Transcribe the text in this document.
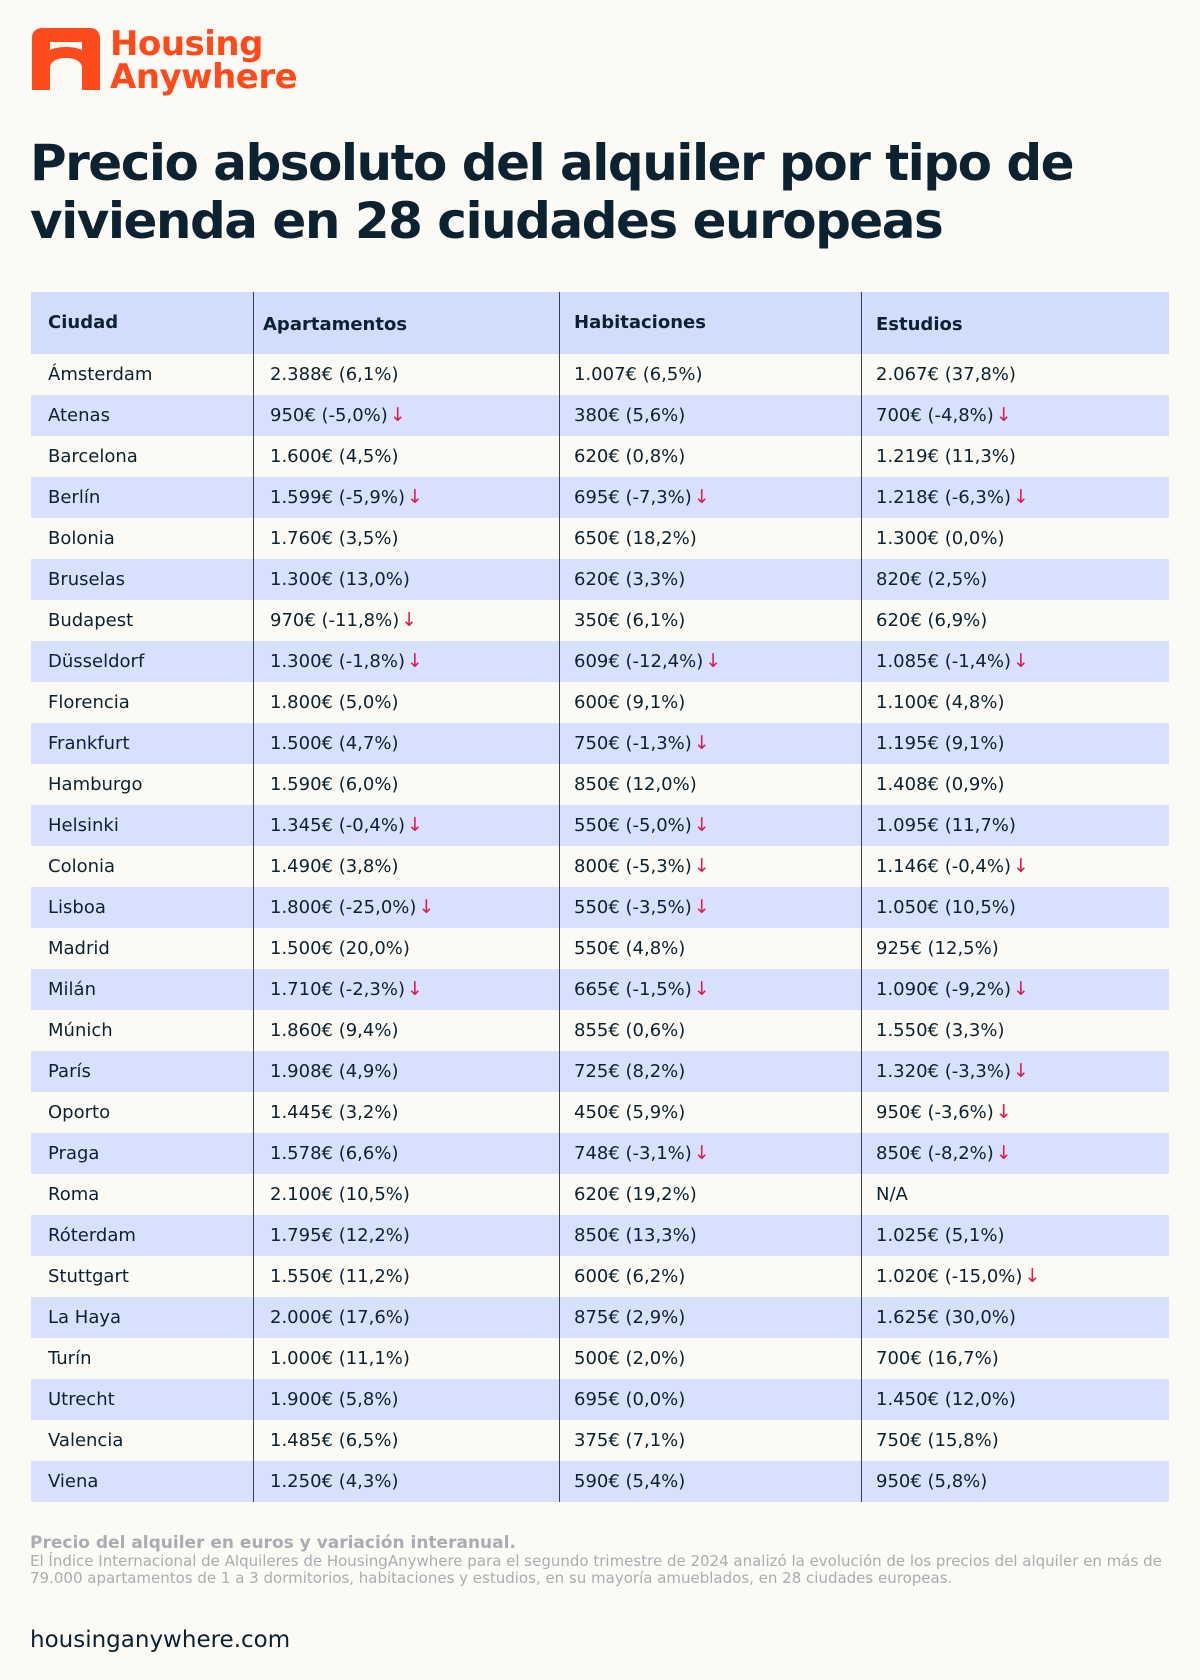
Housing
Anywhere
Precio absoluto del alquiler por tipo de
vivienda en 28 ciudades europeas
Ciudad	Apartamentos	Habitaciones	Estudios
Ámsterdam	2.388€ (6,1%)	1.007€ (6,5%)	2.067€ (37,8%)
Atenas	950€ (-5,0%) ↓	380€ (5,6%)	700€ (-4,8%) ↓
Barcelona	1.600€ (4,5%)	620€ (0,8%)	1.219€ (11,3%)
Berlín	1.599€ (-5,9%) ↓	695€ (-7,3%) ↓	1.218€ (-6,3%) ↓
Bolonia	1.760€ (3,5%)	650€ (18,2%)	1.300€ (0,0%)
Bruselas	1.300€ (13,0%)	620€ (3,3%)	820€ (2,5%)
Budapest	970€ (-11,8%) ↓	350€ (6,1%)	620€ (6,9%)
Düsseldorf	1.300€ (-1,8%) ↓	609€ (-12,4%) ↓	1.085€ (-1,4%) ↓
Florencia	1.800€ (5,0%)	600€ (9,1%)	1.100€ (4,8%)
Frankfurt	1.500€ (4,7%)	750€ (-1,3%) ↓	1.195€ (9,1%)
Hamburgo	1.590€ (6,0%)	850€ (12,0%)	1.408€ (0,9%)
Helsinki	1.345€ (-0,4%) ↓	550€ (-5,0%) ↓	1.095€ (11,7%)
Colonia	1.490€ (3,8%)	800€ (-5,3%) ↓	1.146€ (-0,4%) ↓
Lisboa	1.800€ (-25,0%) ↓	550€ (-3,5%) ↓	1.050€ (10,5%)
Madrid	1.500€ (20,0%)	550€ (4,8%)	925€ (12,5%)
Milán	1.710€ (-2,3%) ↓	665€ (-1,5%) ↓	1.090€ (-9,2%) ↓
Múnich	1.860€ (9,4%)	855€ (0,6%)	1.550€ (3,3%)
París	1.908€ (4,9%)	725€ (8,2%)	1.320€ (-3,3%) ↓
Oporto	1.445€ (3,2%)	450€ (5,9%)	950€ (-3,6%) ↓
Praga	1.578€ (6,6%)	748€ (-3,1%) ↓	850€ (-8,2%) ↓
Roma	2.100€ (10,5%)	620€ (19,2%)	N/A
Róterdam	1.795€ (12,2%)	850€ (13,3%)	1.025€ (5,1%)
Stuttgart	1.550€ (11,2%)	600€ (6,2%)	1.020€ (-15,0%) ↓
La Haya	2.000€ (17,6%)	875€ (2,9%)	1.625€ (30,0%)
Turín	1.000€ (11,1%)	500€ (2,0%)	700€ (16,7%)
Utrecht	1.900€ (5,8%)	695€ (0,0%)	1.450€ (12,0%)
Valencia	1.485€ (6,5%)	375€ (7,1%)	750€ (15,8%)
Viena	1.250€ (4,3%)	590€ (5,4%)	950€ (5,8%)
Precio del alquiler en euros y variación interanual.
El Índice Internacional de Alquileres de HousingAnywhere para el segundo trimestre de 2024 analizó la evolución de los precios del alquiler en más de
79.000 apartamentos de 1 a 3 dormitorios, habitaciones y estudios, en su mayoría amueblados, en 28 ciudades europeas.
housinganywhere.com
